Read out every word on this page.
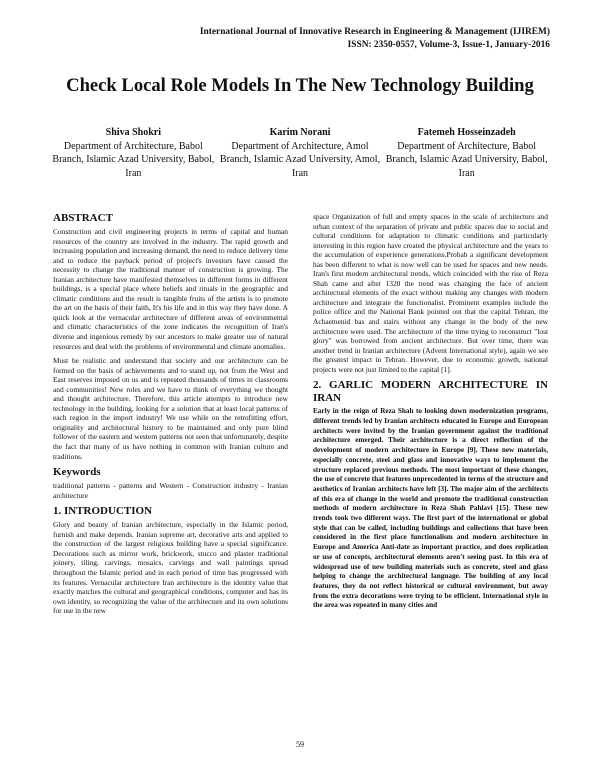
International Journal of Innovative Research in Engineering & Management (IJIREM)
ISSN: 2350-0557, Volume-3, Issue-1, January-2016
Check Local Role Models In The New Technology Building
Shiva Shokri
Department of Architecture, Babol Branch, Islamic Azad University, Babol, Iran
Karim Norani
Department of Architecture, Amol Branch, Islamic Azad University, Amol, Iran
Fatemeh Hosseinzadeh
Department of Architecture, Babol Branch, Islamic Azad University, Babol, Iran
ABSTRACT

Construction and civil engineering projects in terms of capital and human resources of the country are involved in the industry. The rapid growth and increasing population and increasing demand, the need to reduce delivery time and to reduce the payback period of project's investors have caused the necessity to change the traditional manner of construction is growing. The Iranian architecture have manifested themselves in different forms in different buildings, is a special place where beliefs and rituals in the geographic and climatic conditions and the result is tangible fruits of the artists is to promote the art on the basis of their faith, It's his life and in this way they have done. A quick look at the vernacular architecture of different areas of environmental and climatic characteristics of the zone indicates the recognition of Iran's diverse and ingenious remedy by our ancestors to make greater use of natural resources and deal with the problems of environmental and climate anomalies.

Must be realistic and understand that society and our architecture can be formed on the basis of achievements and to stand up, not from the West and East reserves imposed on us and is repeated thousands of times in classrooms and communities! New roles and we have to think of everything we thought and thought architecture. Therefore, this article attempts to introduce new technology in the building, looking for a solution that at least local patterns of each region in the import industry! We use while on the retrofitting effort, originality and architectural history to be maintained and only pure blind follower of the eastern and western patterns not seen that unfortunately, despite the fact that many of us have nothing in common with Iranian culture and traditions.

Keywords

traditional patterns - patterns and Western - Construction industry - Iranian architecture

1. INTRODUCTION

Glory and beauty of Iranian architecture, especially in the Islamic period, furnish and make depends. Iranian supreme art, decorative arts and applied to the construction of the largest religious building have a special significance. Decorations such as mirror work, brickwork, stucco and plaster traditional joinery, tiling, carvings, mosaics, carvings and wall paintings spread throughout the Islamic period and in each period of time has progressed with its features. Vernacular architecture Iran architecture is the identity value that exactly matches the cultural and geographical conditions, computer and has its own identity, so recognizing the value of the architecture and its own solutions for use in the new

space Organization of full and empty spaces in the scale of architecture and urban context of the separation of private and public spaces due to social and cultural conditions for adaptation to climatic conditions and particularly interesting in this region have created the physical architecture and the years to the accumulation of experience generations.Probab a significant development has been different to what is now well can be used for spaces and new needs. Iran's first modern architectural trends, which coincided with the rise of Reza Shah came and after 1320 the trend was changing the face of ancient architectural elements of the exact without making any changes with modern architecture and integrate the functionalist. Prominent examples include the police office and the National Bank pointed out that the capital Tehran, the Achaemenid bas and stairs without any change in the body of the new architecture were used. The architecture of the time trying to reconstruct "lost glory" was borrowed from ancient architecture. But over time, there was another trend in Iranian architecture (Advent International style), again we see the greatest impact in Tehran. However, due to economic growth, national projects were not just limited to the capital [1].

2. GARLIC MODERN ARCHITECTURE IN IRAN

Early in the reign of Reza Shah to looking down modernization programs, different trends led by Iranian architects educated in Europe and European architects were invited by the Iranian government against the traditional architecture emerged. Their architecture is a direct reflection of the development of modern architecture in Europe [9]. These new materials, especially concrete, steel and glass and innovative ways to implement the structure replaced previous methods. The most important of these changes, the use of concrete that features unprecedented in terms of the structure and aesthetics of Iranian architects have left [3]. The major aim of the architects of this era of change in the world and promote the traditional construction methods of modern architecture in Reza Shah Pahlavi [15]. These new trends took two different ways. The first part of the international or global style that can be called, including buildings and collections that have been considered in the first place functionalism and modern architecture in Europe and America Anti-date as important practice, and does replication or use of concepts, architectural elements aren't seeing past. In this era of widespread use of new building materials such as concrete, steel and glass helping to change the architectural language. The building of any local features, they do not reflect historical or cultural environment, but away from the extra decorations were trying to be efficient. International style in the area was repeated in many cities and

59
